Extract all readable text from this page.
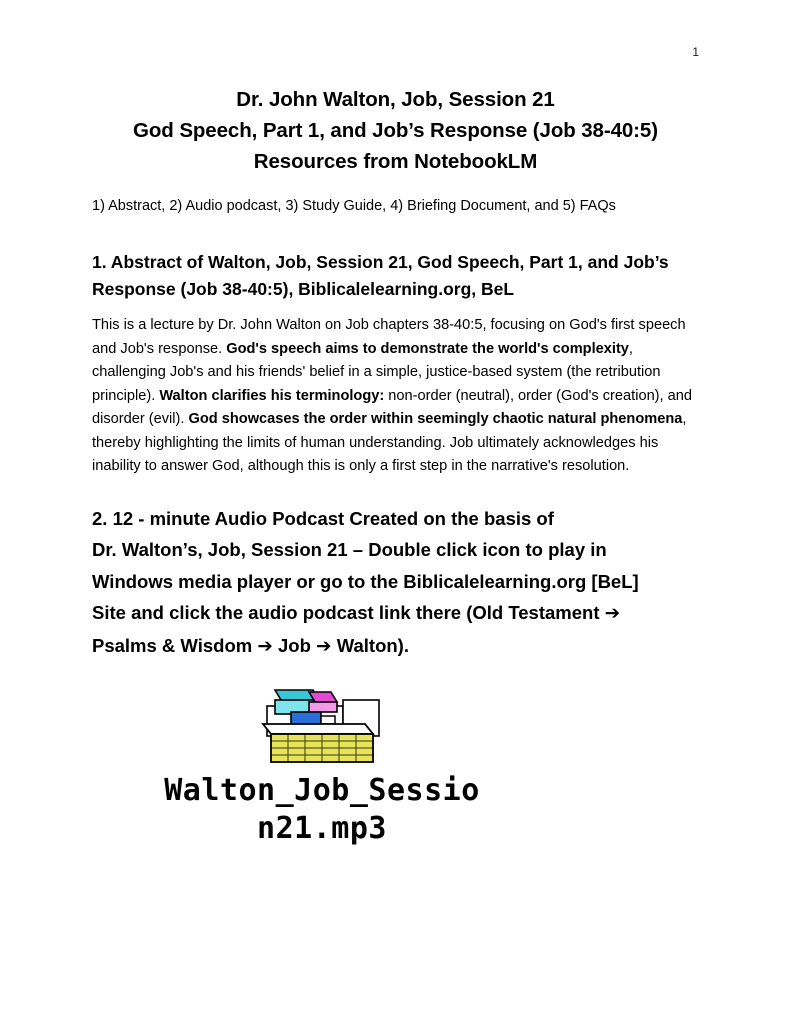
1
Dr. John Walton, Job, Session 21
God Speech, Part 1, and Job’s Response (Job 38-40:5)
Resources from NotebookLM
1) Abstract, 2) Audio podcast, 3) Study Guide, 4) Briefing Document, and 5) FAQs
1. Abstract of Walton, Job, Session 21, God Speech, Part 1, and Job’s Response (Job 38-40:5), Biblicalelearning.org, BeL
This is a lecture by Dr. John Walton on Job chapters 38-40:5, focusing on God's first speech and Job's response. God's speech aims to demonstrate the world's complexity, challenging Job's and his friends' belief in a simple, justice-based system (the retribution principle). Walton clarifies his terminology: non-order (neutral), order (God's creation), and disorder (evil). God showcases the order within seemingly chaotic natural phenomena, thereby highlighting the limits of human understanding. Job ultimately acknowledges his inability to answer God, although this is only a first step in the narrative's resolution.
2. 12 - minute Audio Podcast Created on the basis of
Dr. Walton’s, Job, Session 21 – Double click icon to play in
Windows media player or go to the Biblicalelearning.org [BeL]
Site and click the audio podcast link there (Old Testament ➔
Psalms & Wisdom ➔ Job ➔ Walton).
Walton_Job_Sessio
n21.mp3
